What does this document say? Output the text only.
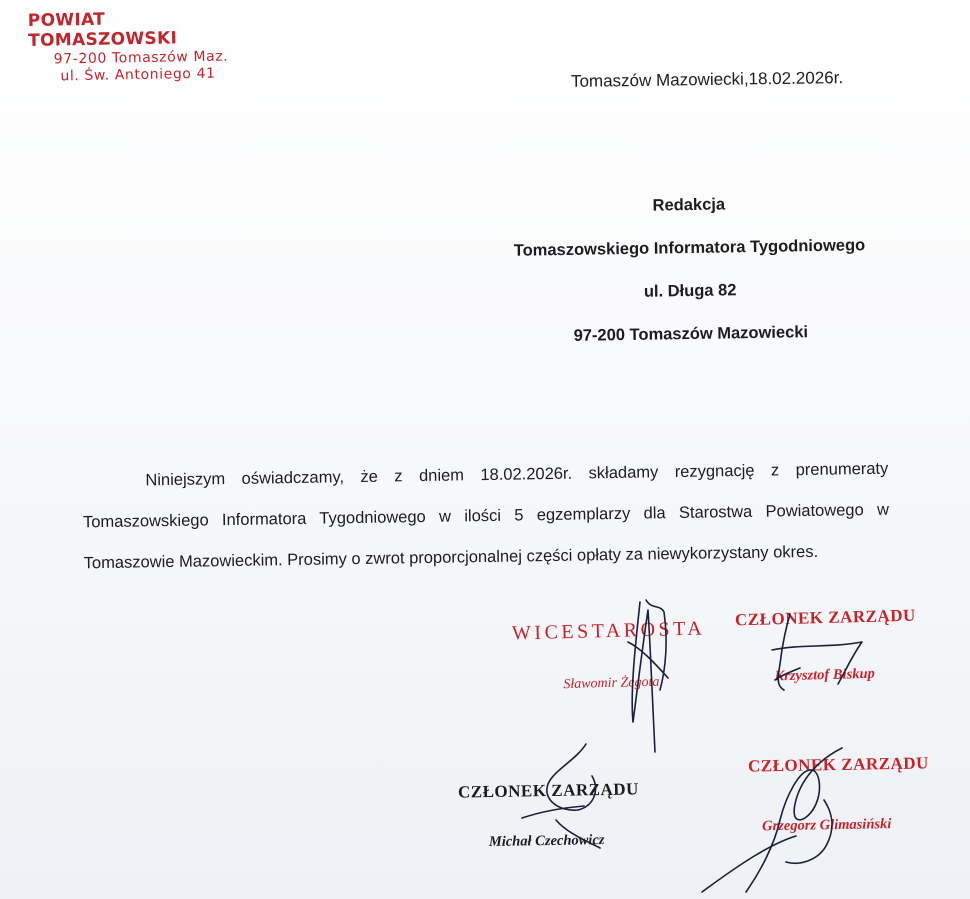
POWIAT TOMASZOWSKI
97-200 Tomaszów Maz.
ul. Św. Antoniego 41	Tomaszów Mazowiecki,18.02.2026r.
Redakcja
Tomaszowskiego Informatora Tygodniowego
ul. Długa 82
97-200 Tomaszów Mazowiecki

Niniejszym oświadczamy, że z dniem 18.02.2026r. składamy rezygnację z prenumeraty Tomaszowskiego Informatora Tygodniowego w ilości 5 egzemplarzy dla Starostwa Powiatowego w Tomaszowie Mazowieckim. Prosimy o zwrot proporcjonalnej części opłaty za niewykorzystany okres.

WICESTAROSTA
Sławomir Żegota
CZŁONEK ZARZĄDU
Krzysztof Biskup
CZŁONEK ZARZĄDU
Grzegorz Glimasiński
CZŁONEK ZARZĄDU
Michał Czechowicz
